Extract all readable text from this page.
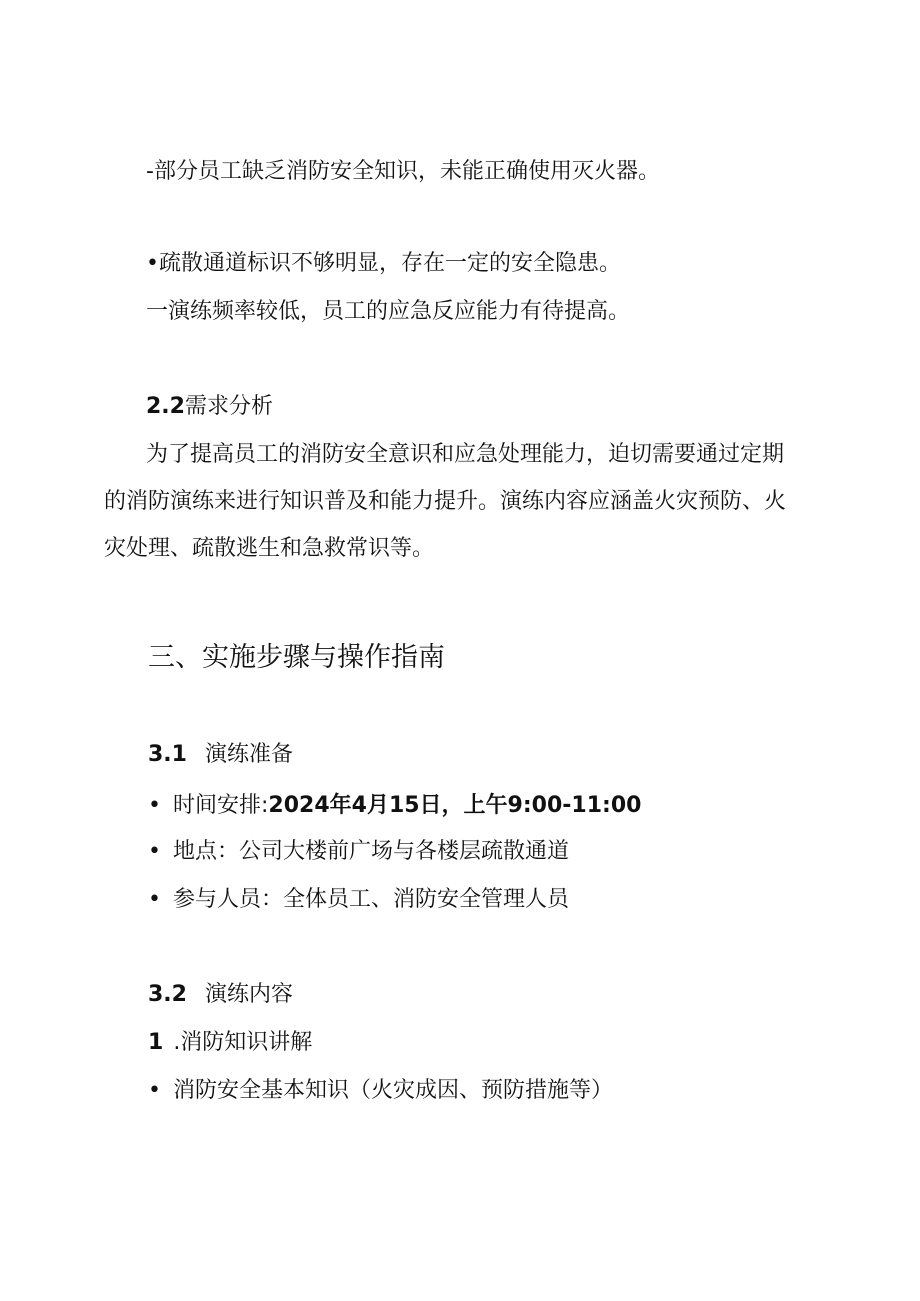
-部分员工缺乏消防安全知识，未能正确使用灭火器。
•疏散通道标识不够明显，存在一定的安全隐患。
一演练频率较低，员工的应急反应能力有待提高。
2.2需求分析
为了提高员工的消防安全意识和应急处理能力，迫切需要通过定期
的消防演练来进行知识普及和能力提升。演练内容应涵盖火灾预防、火
灾处理、疏散逃生和急救常识等。
三、实施步骤与操作指南
3.1 演练准备
• 时间安排:2024年4月15日，上午9:00-11:00
• 地点：公司大楼前广场与各楼层疏散通道
• 参与人员：全体员工、消防安全管理人员
3.2 演练内容
1 .消防知识讲解
• 消防安全基本知识（火灾成因、预防措施等）
